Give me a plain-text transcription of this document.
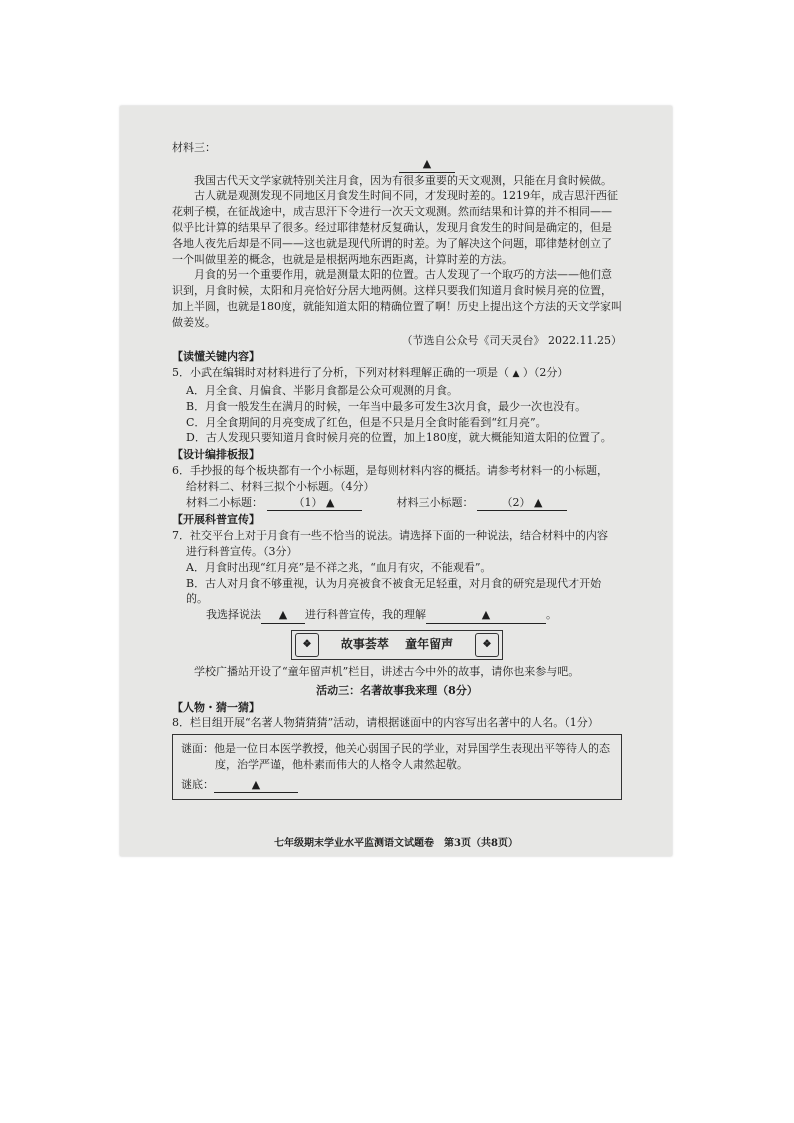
材料三：

▲

我国古代天文学家就特别关注月食，因为有很多重要的天文观测，只能在月食时候做。

古人就是观测发现不同地区月食发生时间不同，才发现时差的。1219年，成吉思汗西征花剌子模，在征战途中，成吉思汗下令进行一次天文观测。然而结果和计算的并不相同——似乎比计算的结果早了很多。经过耶律楚材反复确认，发现月食发生的时间是确定的，但是各地人夜先后却是不同——这也就是现代所谓的时差。为了解决这个问题，耶律楚材创立了一个叫做里差的概念，也就是是根据两地东西距离，计算时差的方法。

月食的另一个重要作用，就是测量太阳的位置。古人发现了一个取巧的方法——他们意识到，月食时候，太阳和月亮恰好分居大地两侧。这样只要我们知道月食时候月亮的位置，加上半圆，也就是180度，就能知道太阳的精确位置了啊！历史上提出这个方法的天文学家叫做姜岌。

（节选自公众号《司天灵台》 2022.11.25）

【读懂关键内容】

5．小武在编辑时对材料进行了分析，下列对材料理解正确的一项是（ ▲ ）（2分）

A．月全食、月偏食、半影月食都是公众可观测的月食。

B．月食一般发生在满月的时候，一年当中最多可发生3次月食，最少一次也没有。

C．月全食期间的月亮变成了红色，但是不只是月全食时能看到“红月亮”。

D．古人发现只要知道月食时候月亮的位置，加上180度，就大概能知道太阳的位置了。

【设计编排板报】

6．手抄报的每个板块都有一个小标题，是每则材料内容的概括。请参考材料一的小标题，

给材料二、材料三拟个小标题。（4分）

材料二小标题：	（1） ▲	材料三小标题：	（2） ▲

【开展科普宣传】

7．社交平台上对于月食有一些不恰当的说法。请选择下面的一种说法，结合材料中的内容

进行科普宣传。（3分）

A．月食时出现“红月亮”是不祥之兆，“血月有灾，不能观看”。

B．古人对月食不够重视，认为月亮被食不被食无足轻重，对月食的研究是现代才开始的。

我选择说法 ▲ 进行科普宣传，我的理解	▲	。

❖	故事荟萃　 童年留声	❖

学校广播站开设了“童年留声机”栏目，讲述古今中外的故事，请你也来参与吧。

活动三：名著故事我来理（8分）

【人物・猜一猜】

8．栏目组开展“名著人物猜猜猜”活动，请根据谜面中的内容写出名著中的人名。（1分）

谜面：他是一位日本医学教授，他关心弱国子民的学业，对异国学生表现出平等待人的态度，治学严谨，他朴素而伟大的人格令人肃然起敬。

谜底：	▲

七年级期末学业水平监测语文试题卷　第3页（共8页）
